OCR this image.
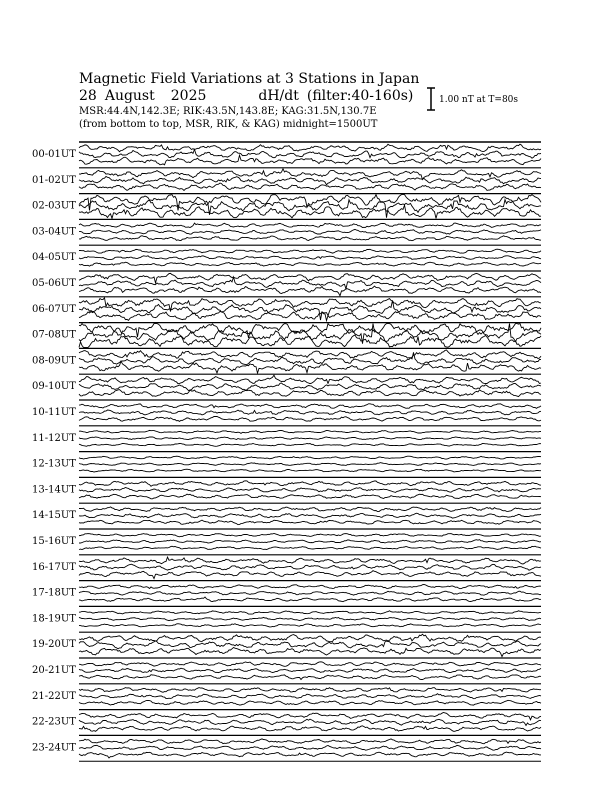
Magnetic Field Variations at 3 Stations in Japan
28 August 2025	dH/dt (filter:40-160s)
MSR:44.4N,142.3E; RIK:43.5N,143.8E; KAG:31.5N,130.7E
(from bottom to top, MSR, RIK, & KAG) midnight=1500UT
1.00 nT at T=80s
00-01UT
01-02UT
02-03UT
03-04UT
04-05UT
05-06UT
06-07UT
07-08UT
08-09UT
09-10UT
10-11UT
11-12UT
12-13UT
13-14UT
14-15UT
15-16UT
16-17UT
17-18UT
18-19UT
19-20UT
20-21UT
21-22UT
22-23UT
23-24UT
